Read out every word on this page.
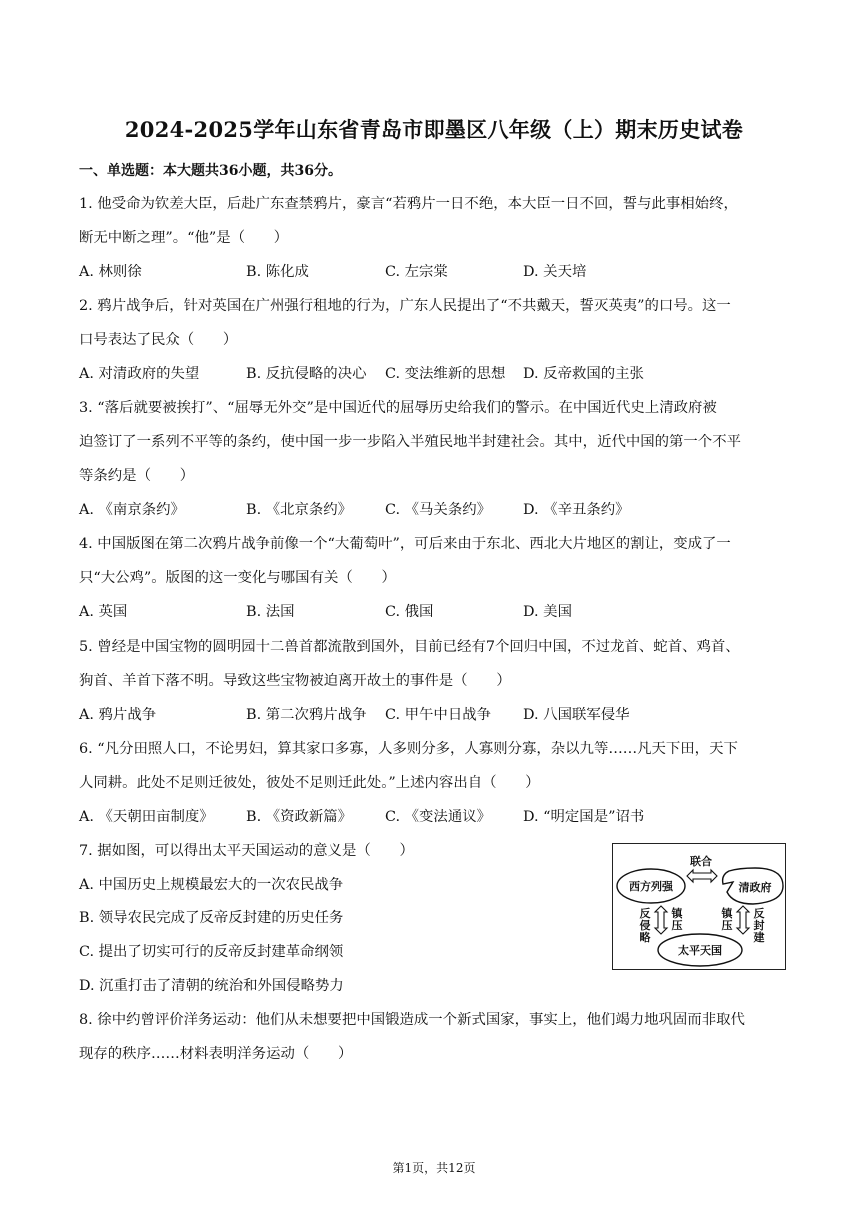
2024-2025学年山东省青岛市即墨区八年级（上）期末历史试卷
一、单选题：本大题共36小题，共36分。
1. 他受命为钦差大臣，后赴广东查禁鸦片，豪言“若鸦片一日不绝，本大臣一日不回，誓与此事相始终，
断无中断之理”。“他”是（　　）
A. 林则徐	B. 陈化成	C. 左宗棠	D. 关天培
2. 鸦片战争后，针对英国在广州强行租地的行为，广东人民提出了“不共戴天，誓灭英夷”的口号。这一
口号表达了民众（　　）
A. 对清政府的失望	B. 反抗侵略的决心 C. 变法维新的思想 D. 反帝救国的主张
3. “落后就要被挨打”、“屈辱无外交”是中国近代的屈辱历史给我们的警示。在中国近代史上清政府被
迫签订了一系列不平等的条约，使中国一步一步陷入半殖民地半封建社会。其中，近代中国的第一个不平
等条约是（　　）
A. 《南京条约》	B. 《北京条约》 C. 《马关条约》 D. 《辛丑条约》
4. 中国版图在第二次鸦片战争前像一个“大葡萄叶”，可后来由于东北、西北大片地区的割让，变成了一
只“大公鸡”。版图的这一变化与哪国有关（　　）
A. 英国	B. 法国	C. 俄国	D. 美国
5. 曾经是中国宝物的圆明园十二兽首都流散到国外，目前已经有7个回归中国，不过龙首、蛇首、鸡首、
狗首、羊首下落不明。导致这些宝物被迫离开故土的事件是（　　）
A. 鸦片战争	B. 第二次鸦片战争 C. 甲午中日战争 D. 八国联军侵华
6. “凡分田照人口，不论男妇，算其家口多寡，人多则分多，人寡则分寡，杂以九等……凡天下田，天下
人同耕。此处不足则迁彼处，彼处不足则迁此处。”上述内容出自（　　）
A. 《天朝田亩制度》 B. 《资政新篇》 C. 《变法通议》 D. “明定国是”诏书
7. 据如图，可以得出太平天国运动的意义是（　　）
A. 中国历史上规模最宏大的一次农民战争
B. 领导农民完成了反帝反封建的历史任务
C. 提出了切实可行的反帝反封建革命纲领
D. 沉重打击了清朝的统治和外国侵略势力
西方列强	清政府
太平天国
联合
反
侵
略
镇
压
镇
压
反
封
建
8. 徐中约曾评价洋务运动：他们从未想要把中国锻造成一个新式国家，事实上，他们竭力地巩固而非取代
现存的秩序……材料表明洋务运动（　　）
第1页，共12页
